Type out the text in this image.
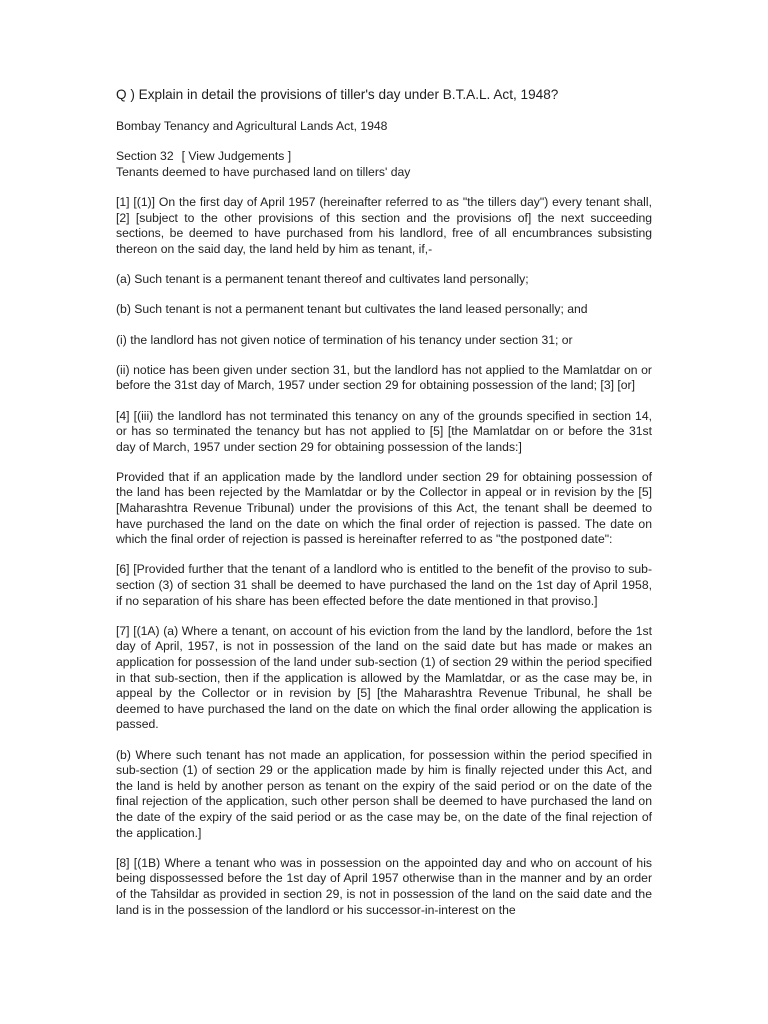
Q ) Explain in detail the provisions of tiller's day under B.T.A.L. Act, 1948?

Bombay Tenancy and Agricultural Lands Act, 1948

Section 32 [ View Judgements ]

Tenants deemed to have purchased land on tillers' day

[1] [(1)] On the first day of April 1957 (hereinafter referred to as "the tillers day") every tenant shall,[2] [subject to the other provisions of this section and the provisions of] the next succeeding sections, be deemed to have purchased from his landlord, free of all encumbrances subsisting thereon on the said day, the land held by him as tenant, if,-

(a) Such tenant is a permanent tenant thereof and cultivates land personally;

(b) Such tenant is not a permanent tenant but cultivates the land leased personally; and

(i) the landlord has not given notice of termination of his tenancy under section 31; or

(ii) notice has been given under section 31, but the landlord has not applied to the Mamlatdar on or before the 31st day of March, 1957 under section 29 for obtaining possession of the land; [3] [or]

[4] [(iii) the landlord has not terminated this tenancy on any of the grounds specified in section 14, or has so terminated the tenancy but has not applied to [5] [the Mamlatdar on or before the 31st day of March, 1957 under section 29 for obtaining possession of the lands:]

Provided that if an application made by the landlord under section 29 for obtaining possession of the land has been rejected by the Mamlatdar or by the Collector in appeal or in revision by the [5] [Maharashtra Revenue Tribunal) under the provisions of this Act, the tenant shall be deemed to have purchased the land on the date on which the final order of rejection is passed. The date on which the final order of rejection is passed is hereinafter referred to as "the postponed date":

[6] [Provided further that the tenant of a landlord who is entitled to the benefit of the proviso to sub-section (3) of section 31 shall be deemed to have purchased the land on the 1st day of April 1958, if no separation of his share has been effected before the date mentioned in that proviso.]

[7] [(1A) (a) Where a tenant, on account of his eviction from the land by the landlord, before the 1st day of April, 1957, is not in possession of the land on the said date but has made or makes an application for possession of the land under sub-section (1) of section 29 within the period specified in that sub-section, then if the application is allowed by the Mamlatdar, or as the case may be, in appeal by the Collector or in revision by [5] [the Maharashtra Revenue Tribunal, he shall be deemed to have purchased the land on the date on which the final order allowing the application is passed.

(b) Where such tenant has not made an application, for possession within the period specified in sub-section (1) of section 29 or the application made by him is finally rejected under this Act, and the land is held by another person as tenant on the expiry of the said period or on the date of the final rejection of the application, such other person shall be deemed to have purchased the land on the date of the expiry of the said period or as the case may be, on the date of the final rejection of the application.]

[8] [(1B) Where a tenant who was in possession on the appointed day and who on account of his being dispossessed before the 1st day of April 1957 otherwise than in the manner and by an order of the Tahsildar as provided in section 29, is not in possession of the land on the said date and the land is in the possession of the landlord or his successor-in-interest on the
